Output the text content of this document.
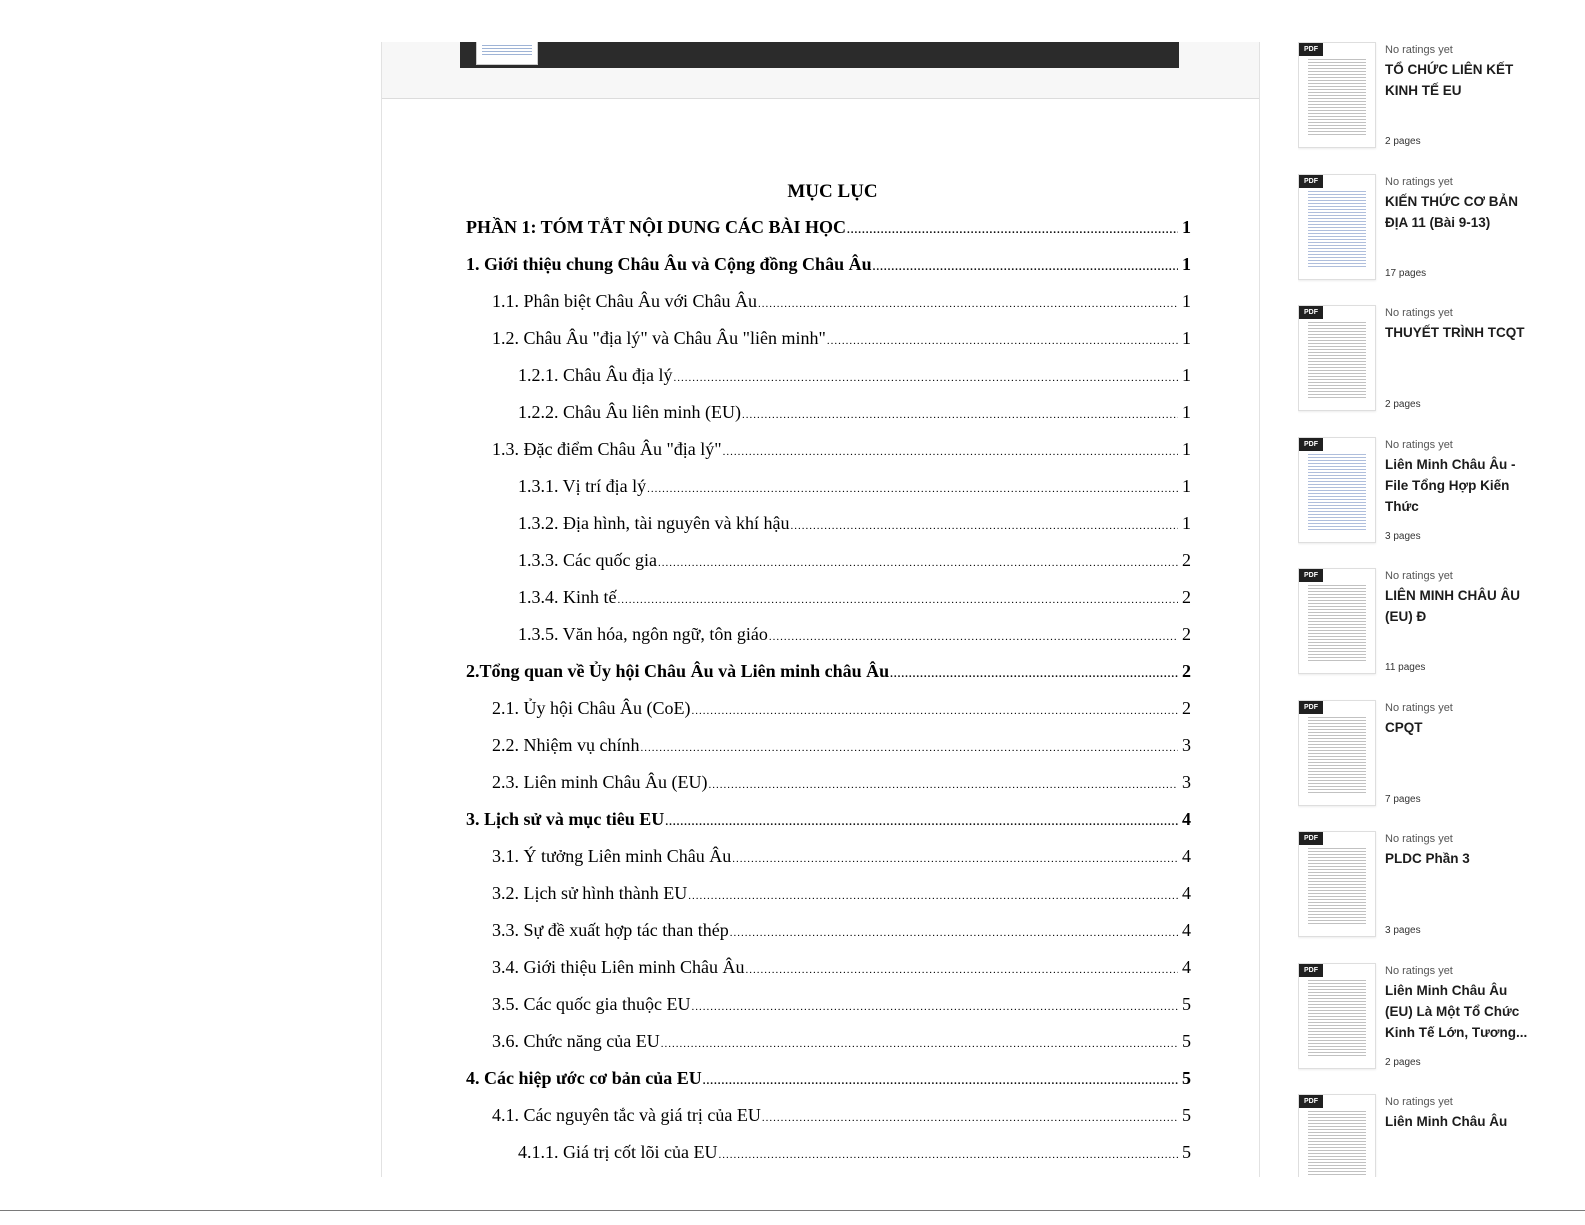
MỤC LỤC
PHẦN 1: TÓM TẮT NỘI DUNG CÁC BÀI HỌC .....	1
1. Giới thiệu chung Châu Âu và Cộng đồng Châu Âu .....	1
1.1. Phân biệt Châu Âu với Châu Âu .....	1
1.2. Châu Âu "địa lý" và Châu Âu "liên minh" .....	1
1.2.1. Châu Âu địa lý .....	1
1.2.2. Châu Âu liên minh (EU) .....	1
1.3. Đặc điểm Châu Âu "địa lý" .....	1
1.3.1. Vị trí địa lý .....	1
1.3.2. Địa hình, tài nguyên và khí hậu .....	1
1.3.3. Các quốc gia .....	2
1.3.4. Kinh tế .....	2
1.3.5. Văn hóa, ngôn ngữ, tôn giáo .....	2
2.Tổng quan về Ủy hội Châu Âu và Liên minh châu Âu .....	2
2.1. Ủy hội Châu Âu (CoE) .....	2
2.2. Nhiệm vụ chính .....	3
2.3. Liên minh Châu Âu (EU) .....	3
3. Lịch sử và mục tiêu EU .....	4
3.1. Ý tưởng Liên minh Châu Âu .....	4
3.2. Lịch sử hình thành EU .....	4
3.3. Sự đề xuất hợp tác than thép .....	4
3.4. Giới thiệu Liên minh Châu Âu .....	4
3.5. Các quốc gia thuộc EU .....	5
3.6. Chức năng của EU .....	5
4. Các hiệp ước cơ bản của EU .....	5
4.1. Các nguyên tắc và giá trị của EU .....	5
4.1.1. Giá trị cốt lõi của EU .....	5
PDF	No ratings yet
TỔ CHỨC LIÊN KẾT KINH TẾ EU
2 pages
PDF	No ratings yet
KIẾN THỨC CƠ BẢN ĐỊA 11 (Bài 9-13)
17 pages
PDF	No ratings yet
THUYẾT TRÌNH TCQT
2 pages
PDF	No ratings yet
Liên Minh Châu Âu - File Tổng Hợp Kiến Thức
3 pages
PDF	No ratings yet
LIÊN MINH CHÂU ÂU (EU) Đ
11 pages
PDF	No ratings yet
CPQT
7 pages
PDF	No ratings yet
PLDC Phần 3
3 pages
PDF	No ratings yet
Liên Minh Châu Âu (EU) Là Một Tổ Chức Kinh Tế Lớn, Tương...
2 pages
PDF	No ratings yet
Liên Minh Châu Âu
